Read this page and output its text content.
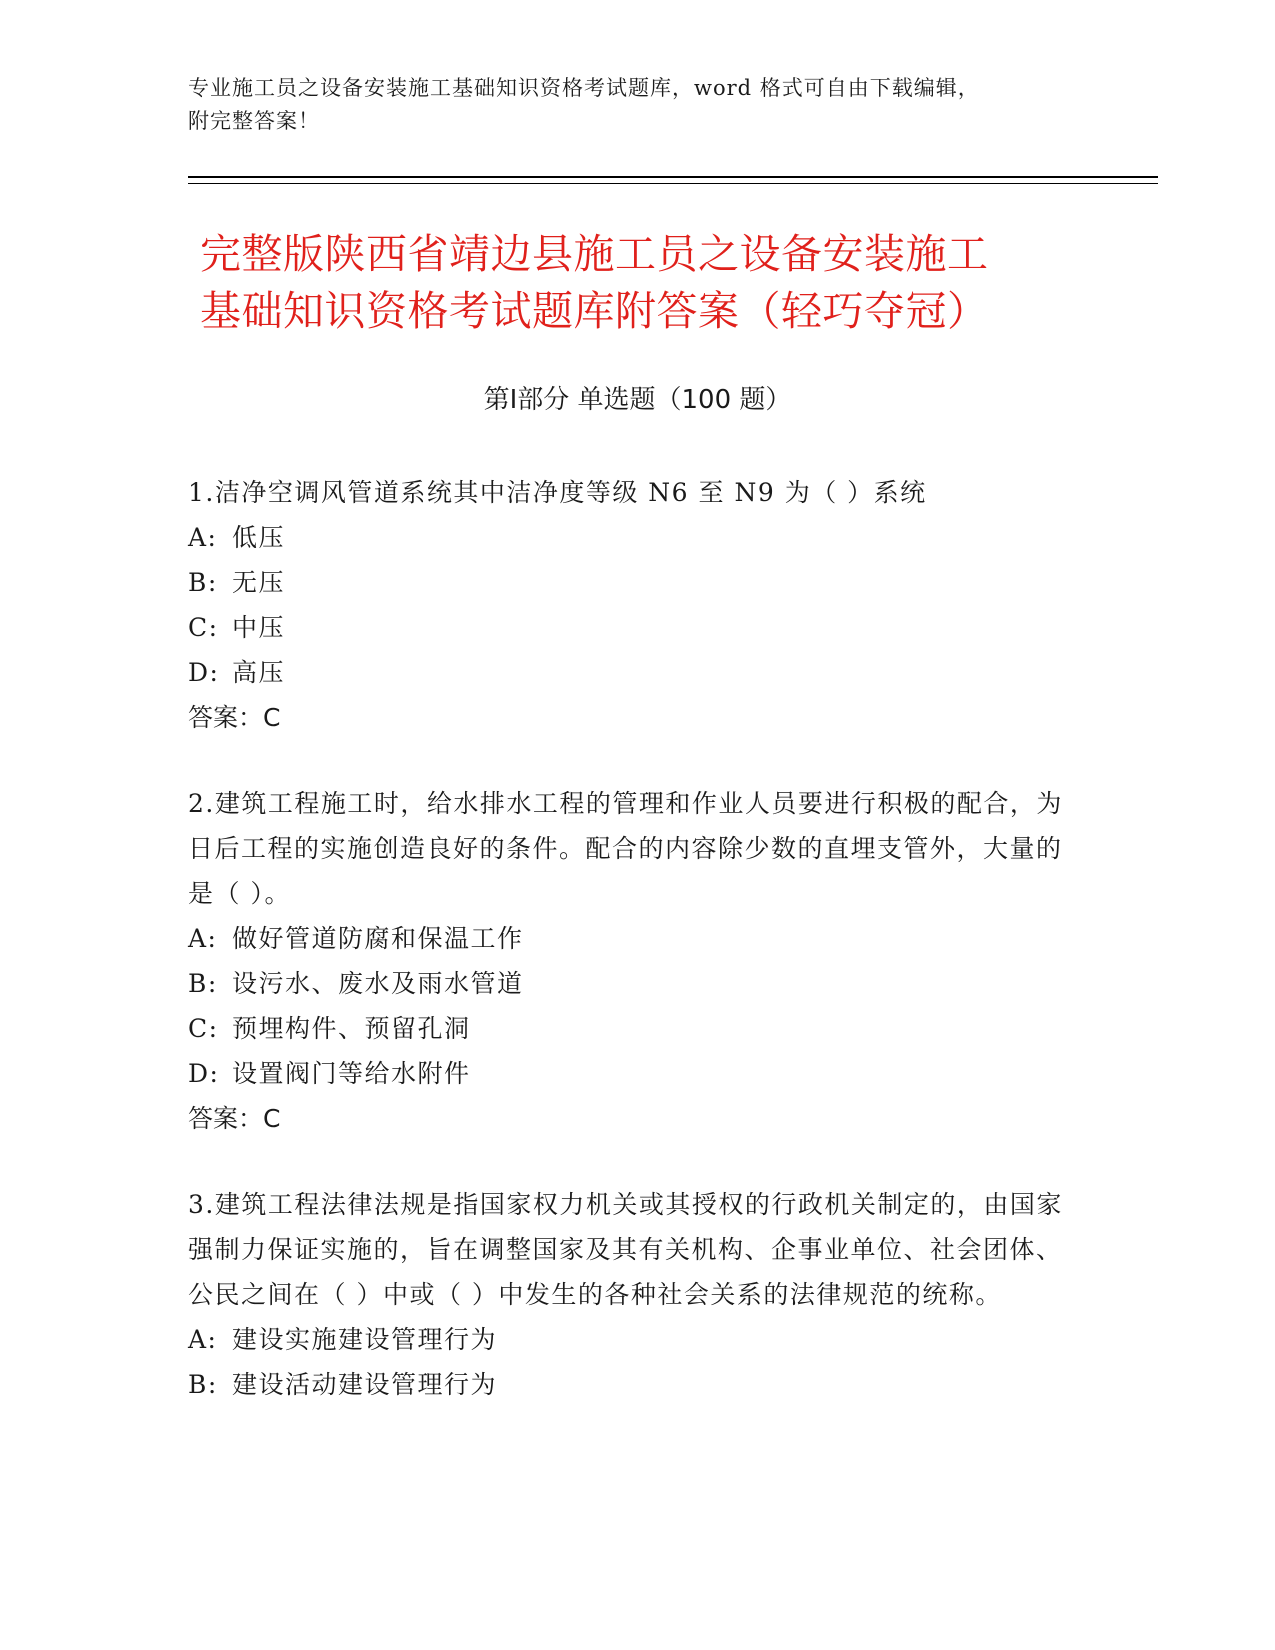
专业施工员之设备安装施工基础知识资格考试题库，word 格式可自由下载编辑，
附完整答案！
完整版陕西省靖边县施工员之设备安装施工
基础知识资格考试题库附答案（轻巧夺冠）
第Ⅰ部分 单选题（100 题）
1.洁净空调风管道系统其中洁净度等级 N6 至 N9 为（ ）系统
A: 低压
B: 无压
C: 中压
D: 高压
答案：C
2.建筑工程施工时，给水排水工程的管理和作业人员要进行积极的配合，为日后工程的实施创造良好的条件。配合的内容除少数的直埋支管外，大量的是（ ）。
A: 做好管道防腐和保温工作
B: 设污水、废水及雨水管道
C: 预埋构件、预留孔洞
D: 设置阀门等给水附件
答案：C
3.建筑工程法律法规是指国家权力机关或其授权的行政机关制定的，由国家强制力保证实施的，旨在调整国家及其有关机构、企事业单位、社会团体、公民之间在（ ）中或（ ）中发生的各种社会关系的法律规范的统称。
A: 建设实施建设管理行为
B: 建设活动建设管理行为
